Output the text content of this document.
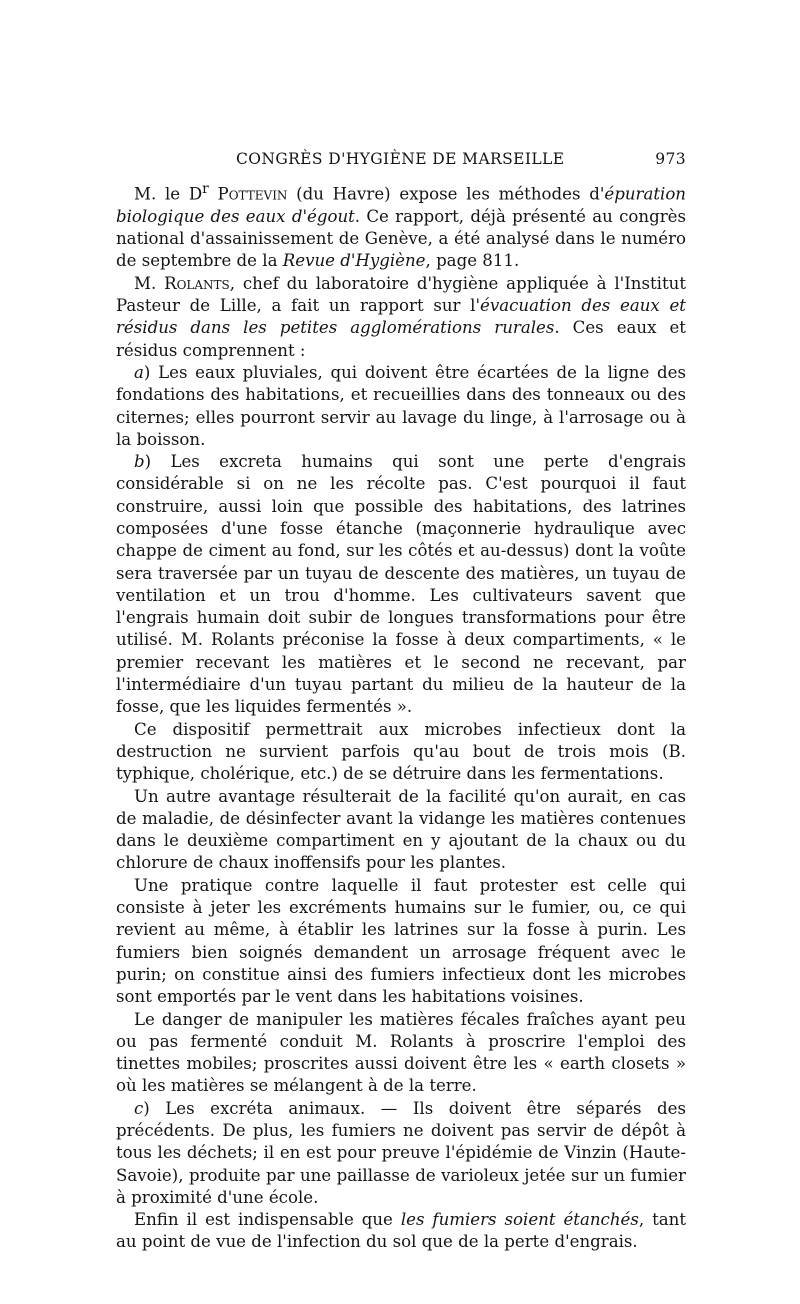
CONGRÈS D'HYGIÈNE DE MARSEILLE	973

M. le $D^r$ Pottevin (du Havre) expose les méthodes d'épuration biologique des eaux d'égout. Ce rapport, déjà présenté au congrès national d'assainissement de Genève, a été analysé dans le numéro de septembre de la Revue d'Hygiène, page 811.

M. Rolants, chef du laboratoire d'hygiène appliquée à l'Institut Pasteur de Lille, a fait un rapport sur l'évacuation des eaux et résidus dans les petites agglomérations rurales. Ces eaux et résidus comprennent :

a) Les eaux pluviales, qui doivent être écartées de la ligne des fondations des habitations, et recueillies dans des tonneaux ou des citernes; elles pourront servir au lavage du linge, à l'arrosage ou à la boisson.

b) Les excreta humains qui sont une perte d'engrais considérable si on ne les récolte pas. C'est pourquoi il faut construire, aussi loin que possible des habitations, des latrines composées d'une fosse étanche (maçonnerie hydraulique avec chappe de ciment au fond, sur les côtés et au-dessus) dont la voûte sera traversée par un tuyau de descente des matières, un tuyau de ventilation et un trou d'homme. Les cultivateurs savent que l'engrais humain doit subir de longues transformations pour être utilisé. M. Rolants préconise la fosse à deux compartiments, « le premier recevant les matières et le second ne recevant, par l'intermédiaire d'un tuyau partant du milieu de la hauteur de la fosse, que les liquides fermentés ».

Ce dispositif permettrait aux microbes infectieux dont la destruction ne survient parfois qu'au bout de trois mois (B. typhique, cholérique, etc.) de se détruire dans les fermentations.

Un autre avantage résulterait de la facilité qu'on aurait, en cas de maladie, de désinfecter avant la vidange les matières contenues dans le deuxième compartiment en y ajoutant de la chaux ou du chlorure de chaux inoffensifs pour les plantes.

Une pratique contre laquelle il faut protester est celle qui consiste à jeter les excréments humains sur le fumier, ou, ce qui revient au même, à établir les latrines sur la fosse à purin. Les fumiers bien soignés demandent un arrosage fréquent avec le purin; on constitue ainsi des fumiers infectieux dont les microbes sont emportés par le vent dans les habitations voisines.

Le danger de manipuler les matières fécales fraîches ayant peu ou pas fermenté conduit M. Rolants à proscrire l'emploi des tinettes mobiles; proscrites aussi doivent être les « earth closets » où les matières se mélangent à de la terre.

c) Les excréta animaux. — Ils doivent être séparés des précédents. De plus, les fumiers ne doivent pas servir de dépôt à tous les déchets; il en est pour preuve l'épidémie de Vinzin (Haute-Savoie), produite par une paillasse de varioleux jetée sur un fumier à proximité d'une école.

Enfin il est indispensable que les fumiers soient étanchés, tant au point de vue de l'infection du sol que de la perte d'engrais.
